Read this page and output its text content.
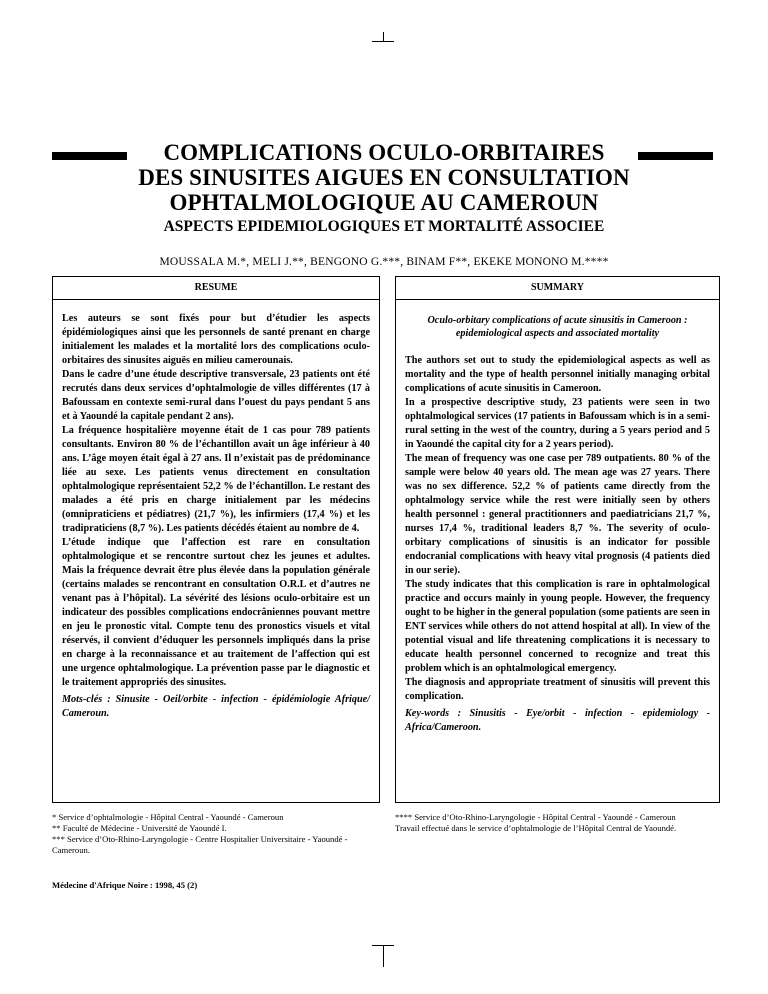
COMPLICATIONS OCULO-ORBITAIRES
DES SINUSITES AIGUES EN CONSULTATION
OPHTALMOLOGIQUE AU CAMEROUN
ASPECTS EPIDEMIOLOGIQUES ET MORTALITÉ ASSOCIEE
MOUSSALA M.*, MELI J.**, BENGONO G.***, BINAM F**, EKEKE MONONO M.****
RESUME

Les auteurs se sont fixés pour but d’étudier les aspects épidémiologiques ainsi que les personnels de santé prenant en charge initialement les malades et la mortalité lors des complications oculo-orbitaires des sinusites aiguës en milieu camerounais.

Dans le cadre d’une étude descriptive transversale, 23 patients ont été recrutés dans deux services d’ophtalmologie de villes différentes (17 à Bafoussam en contexte semi-rural dans l’ouest du pays pendant 5 ans et à Yaoundé la capitale pendant 2 ans).

La fréquence hospitalière moyenne était de 1 cas pour 789 patients consultants. Environ 80 % de l’échantillon avait un âge inférieur à 40 ans. L’âge moyen était égal à 27 ans. Il n’existait pas de prédominance liée au sexe. Les patients venus directement en consultation ophtalmologique représentaient 52,2 % de l’échantillon. Le restant des malades a été pris en charge initialement par les médecins (omnipraticiens et pédiatres) (21,7 %), les infirmiers (17,4 %) et les tradipraticiens (8,7 %). Les patients décédés étaient au nombre de 4.

L’étude indique que l’affection est rare en consultation ophtalmologique et se rencontre surtout chez les jeunes et adultes. Mais la fréquence devrait être plus élevée dans la population générale (certains malades se rencontrant en consultation O.R.L et d’autres ne venant pas à l’hôpital). La sévérité des lésions oculo-orbitaire est un indicateur des possibles complications endocrâniennes pouvant mettre en jeu le pronostic vital. Compte tenu des pronostics visuels et vital réservés, il convient d’éduquer les personnels impliqués dans la prise en charge à la reconnaissance et au traitement de l’affection qui est une urgence ophtalmologique. La prévention passe par le diagnostic et le traitement appropriés des sinusites.

Mots-clés : Sinusite - Oeil/orbite - infection - épidémiologie Afrique/ Cameroun.

SUMMARY
Oculo-orbitary complications of acute sinusitis in Cameroon : epidemiological aspects and associated mortality

The authors set out to study the epidemiological aspects as well as mortality and the type of health personnel initially managing orbital complications of acute sinusitis in Cameroon.

In a prospective descriptive study, 23 patients were seen in two ophtalmological services (17 patients in Bafoussam which is in a semi-rural setting in the west of the country, during a 5 years period and 5 in Yaoundé the capital city for a 2 years period).

The mean of frequency was one case per 789 outpatients. 80 % of the sample were below 40 years old. The mean age was 27 years. There was no sex difference. 52,2 % of patients came directly from the ophtalmology service while the rest were initially seen by others health personnel : general practitionners and paediatricians 21,7 %, nurses 17,4 %, traditional leaders 8,7 %. The severity of oculo-orbitary complications of sinusitis is an indicator for possible endocranial complications with heavy vital prognosis (4 patients died in our serie).

The study indicates that this complication is rare in ophtalmological practice and occurs mainly in young people. However, the frequency ought to be higher in the general population (some patients are seen in ENT services while others do not attend hospital at all). In view of the potential visual and life threatening complications it is necessary to educate health personnel concerned to recognize and treat this problem which is an ophtalmological emergency.

The diagnosis and appropriate treatment of sinusitis will prevent this complication.

Key-words : Sinusitis - Eye/orbit - infection - epidemiology - Africa/Cameroon.

* Service d’ophtalmologie - Hôpital Central - Yaoundé - Cameroun

** Faculté de Médecine - Université de Yaoundé I.

*** Service d’Oto-Rhino-Laryngologie - Centre Hospitalier Universitaire - Yaoundé - Cameroun.

**** Service d’Oto-Rhino-Laryngologie - Hôpital Central - Yaoundé - Cameroun

Travail effectué dans le service d’ophtalmologie de l’Hôpital Central de Yaoundé.

Médecine d'Afrique Noire : 1998, 45 (2)
